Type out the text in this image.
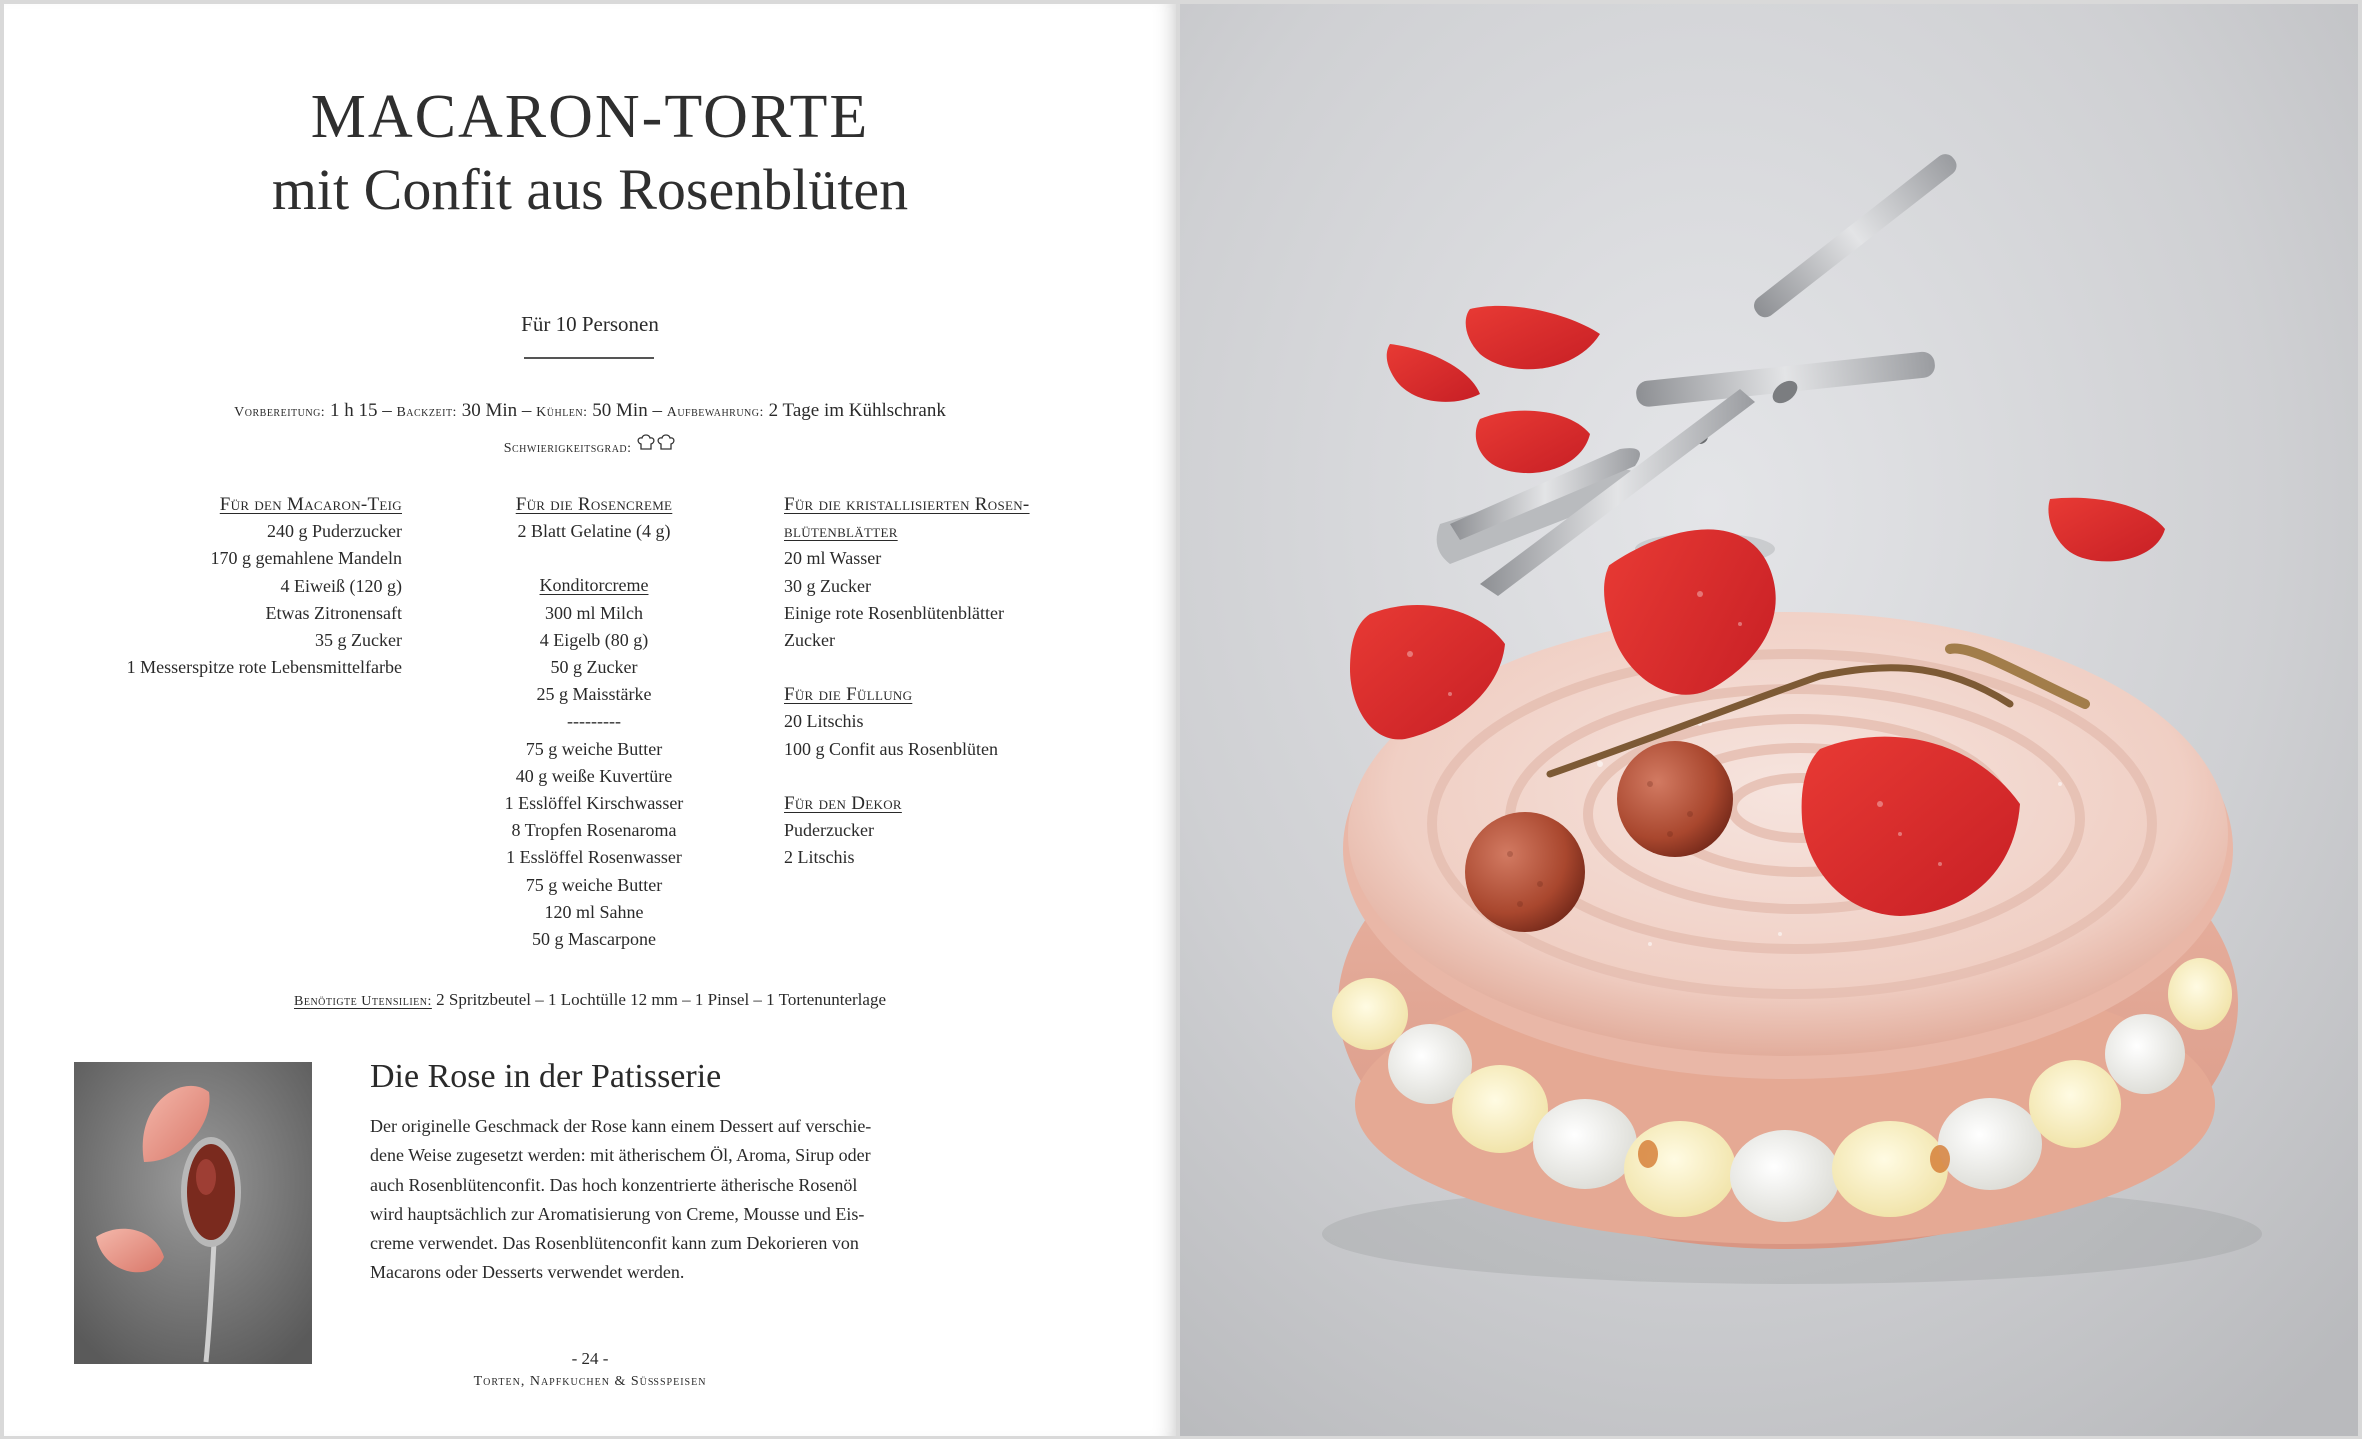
MACARON-TORTE
mit Confit aus Rosenblüten
Für 10 Personen
Vorbereitung: 1 h 15 – Backzeit: 30 Min – Kühlen: 50 Min – Aufbewahrung: 2 Tage im Kühlschrank
Schwierigkeitsgrad:
Für den Macaron-Teig
240 g Puderzucker
170 g gemahlene Mandeln
4 Eiweiß (120 g)
Etwas Zitronensaft
35 g Zucker
1 Messerspitze rote Lebensmittelfarbe
Für die Rosencreme
2 Blatt Gelatine (4 g)
Konditorcreme
300 ml Milch
4 Eigelb (80 g)
50 g Zucker
25 g Maisstärke
---------
75 g weiche Butter
40 g weiße Kuvertüre
1 Esslöffel Kirschwasser
8 Tropfen Rosenaroma
1 Esslöffel Rosenwasser
75 g weiche Butter
120 ml Sahne
50 g Mascarpone
Für die kristallisierten Rosen-
blütenblätter
20 ml Wasser
30 g Zucker
Einige rote Rosenblütenblätter
Zucker
Für die Füllung
20 Litschis
100 g Confit aus Rosenblüten
Für den Dekor
Puderzucker
2 Litschis
Benötigte Utensilien: 2 Spritzbeutel – 1 Lochtülle 12 mm – 1 Pinsel – 1 Tortenunterlage
Die Rose in der Patisserie
Der originelle Geschmack der Rose kann einem Dessert auf verschie-
dene Weise zugesetzt werden: mit ätherischem Öl, Aroma, Sirup oder
auch Rosenblütenconfit. Das hoch konzentrierte ätherische Rosenöl
wird hauptsächlich zur Aromatisierung von Creme, Mousse und Eis-
creme verwendet. Das Rosenblütenconfit kann zum Dekorieren von
Macarons oder Desserts verwendet werden.
- 24 -
Torten, Napfkuchen & Süßspeisen
